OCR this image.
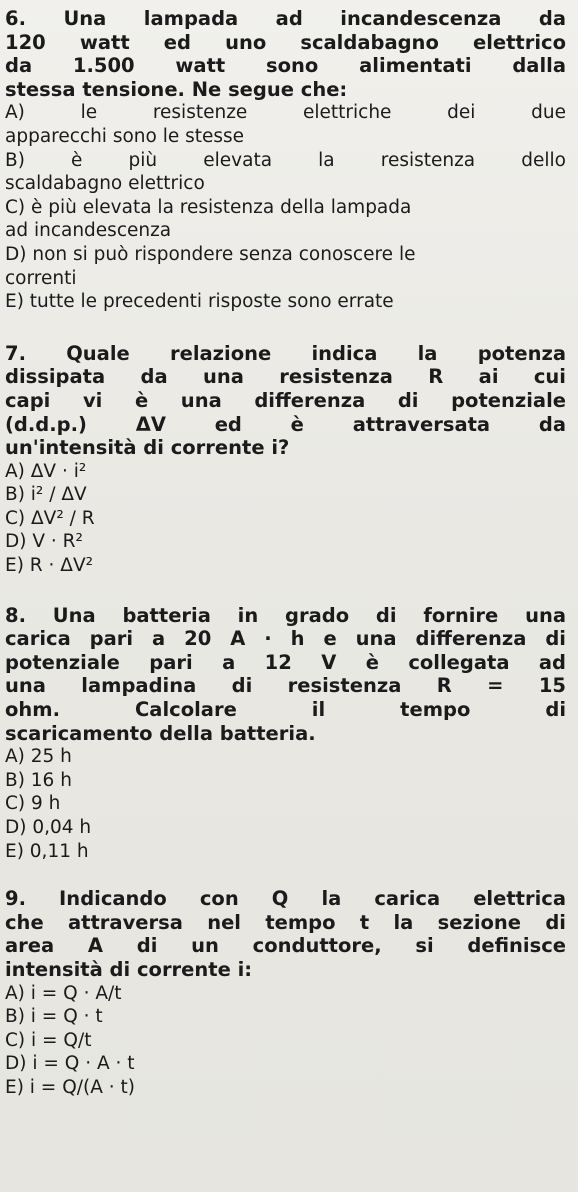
6. Una lampada ad incandescenza da
120 watt ed uno scaldabagno elettrico
da 1.500 watt sono alimentati dalla
stessa tensione. Ne segue che:

A) le resistenze elettriche dei due
apparecchi sono le stesse
B) è più elevata la resistenza dello
scaldabagno elettrico
C) è più elevata la resistenza della lampada
ad incandescenza
D) non si può rispondere senza conoscere le
correnti
E) tutte le precedenti risposte sono errate

7. Quale relazione indica la potenza
dissipata da una resistenza R ai cui
capi vi è una differenza di potenziale
(d.d.p.) ΔV ed è attraversata da
un'intensità di corrente i?

A) ΔV · i²
B) i² / ΔV
C) ΔV² / R
D) V · R²
E) R · ΔV²

8. Una batteria in grado di fornire una
carica pari a 20 A · h e una differenza di
potenziale pari a 12 V è collegata ad
una lampadina di resistenza R = 15
ohm. Calcolare il tempo di
scaricamento della batteria.

A) 25 h
B) 16 h
C) 9 h
D) 0,04 h
E) 0,11 h

9. Indicando con Q la carica elettrica
che attraversa nel tempo t la sezione di
area A di un conduttore, si definisce
intensità di corrente i:

A) i = Q · A/t
B) i = Q · t
C) i = Q/t
D) i = Q · A · t
E) i = Q/(A · t)
